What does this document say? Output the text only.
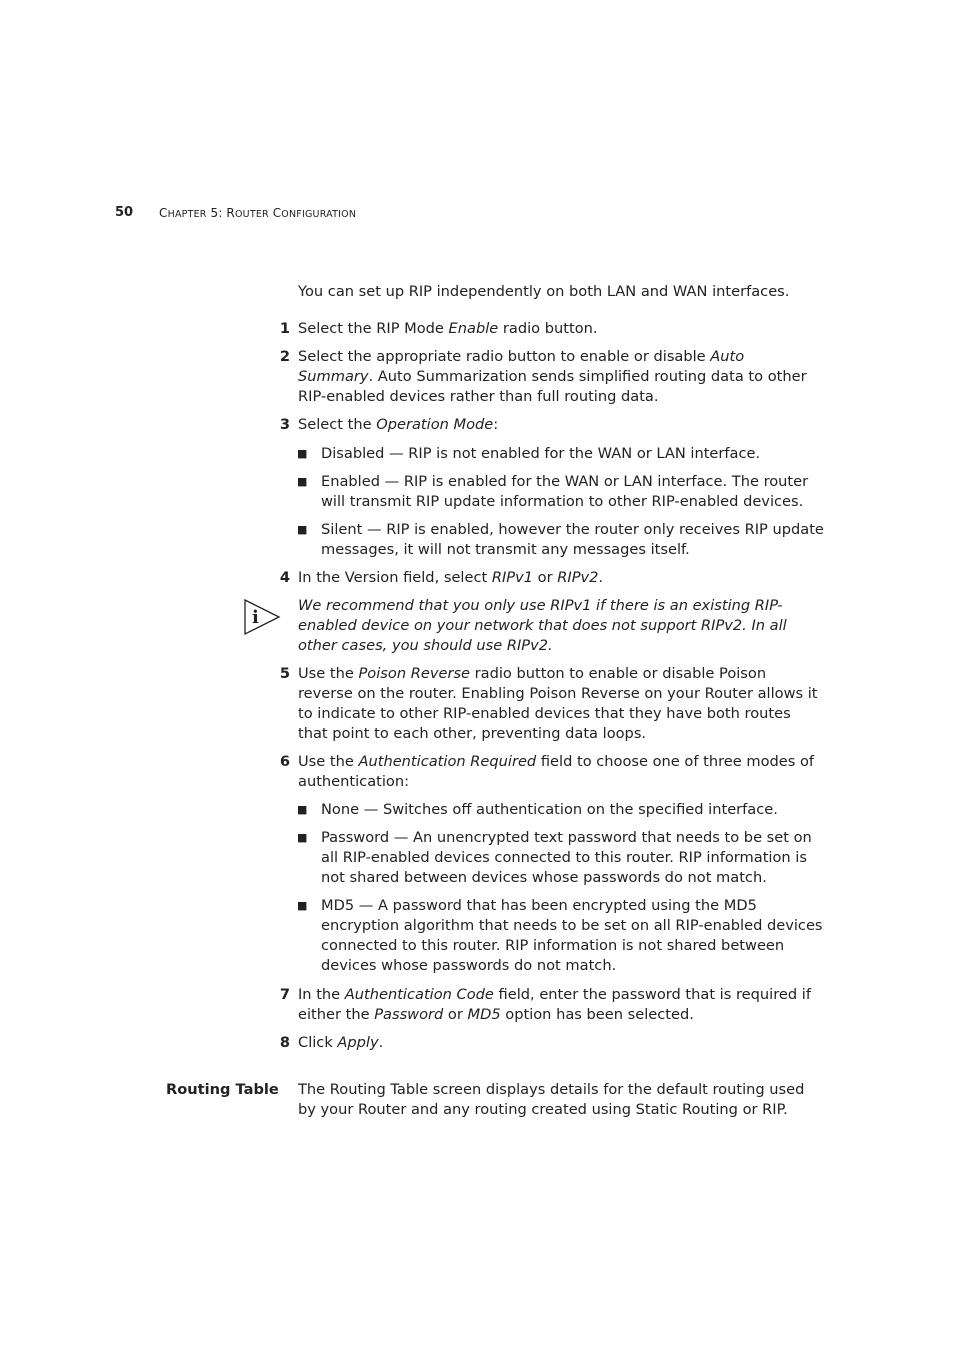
50 CHAPTER 5: ROUTER CONFIGURATION
You can set up RIP independently on both LAN and WAN interfaces.
1 Select the RIP Mode Enable radio button.
2 Select the appropriate radio button to enable or disable Auto Summary. Auto Summarization sends simplified routing data to other RIP-enabled devices rather than full routing data.
3 Select the Operation Mode:
■ Disabled — RIP is not enabled for the WAN or LAN interface.
■ Enabled — RIP is enabled for the WAN or LAN interface. The router will transmit RIP update information to other RIP-enabled devices.
■ Silent — RIP is enabled, however the router only receives RIP update messages, it will not transmit any messages itself.
4 In the Version field, select RIPv1 or RIPv2.
i
We recommend that you only use RIPv1 if there is an existing RIP-enabled device on your network that does not support RIPv2. In all other cases, you should use RIPv2.
5 Use the Poison Reverse radio button to enable or disable Poison reverse on the router. Enabling Poison Reverse on your Router allows it to indicate to other RIP-enabled devices that they have both routes that point to each other, preventing data loops.
6 Use the Authentication Required field to choose one of three modes of authentication:
■ None — Switches off authentication on the specified interface.
■ Password — An unencrypted text password that needs to be set on all RIP-enabled devices connected to this router. RIP information is not shared between devices whose passwords do not match.
■ MD5 — A password that has been encrypted using the MD5 encryption algorithm that needs to be set on all RIP-enabled devices connected to this router. RIP information is not shared between devices whose passwords do not match.
7 In the Authentication Code field, enter the password that is required if either the Password or MD5 option has been selected.
8 Click Apply.
Routing Table The Routing Table screen displays details for the default routing used by your Router and any routing created using Static Routing or RIP.
